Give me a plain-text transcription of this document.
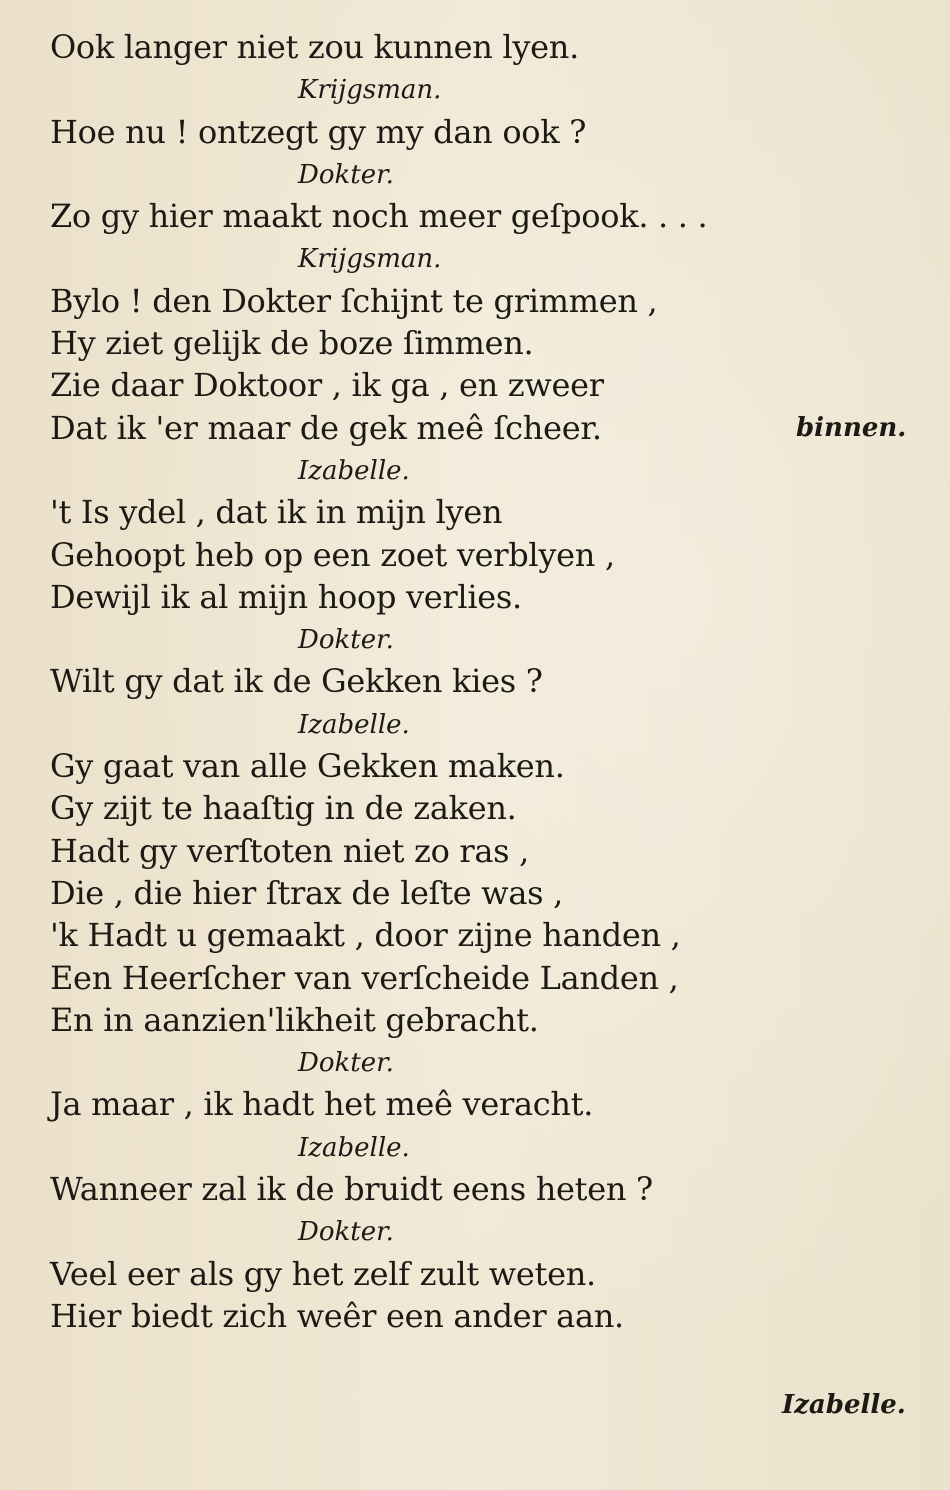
Ook langer niet zou kunnen lyen.
Krijgsman.
Hoe nu ! ontzegt gy my dan ook ?
Dokter.
Zo gy hier maakt noch meer geſpook. . . .
Krijgsman.
Bylo ! den Dokter ſchijnt te grimmen ,
Hy ziet gelijk de boze ſimmen.
Zie daar Doktoor , ik ga , en zweer
Dat ik 'er maar de gek meê ſcheer.
Izabelle.
't Is ydel , dat ik in mijn lyen
Gehoopt heb op een zoet verblyen ,
Dewijl ik al mijn hoop verlies.
Dokter.
Wilt gy dat ik de Gekken kies ?
Izabelle.
Gy gaat van alle Gekken maken.
Gy zijt te haaſtig in de zaken.
Hadt gy verſtoten niet zo ras ,
Die , die hier ſtrax de leſte was ,
'k Hadt u gemaakt , door zijne handen ,
Een Heerſcher van verſcheide Landen ,
En in aanzien'likheit gebracht.
Dokter.
Ja maar , ik hadt het meê veracht.
Izabelle.
Wanneer zal ik de bruidt eens heten ?
Dokter.
Veel eer als gy het zelf zult weten.
Hier biedt zich weêr een ander aan.
binnen.
Izabelle.
